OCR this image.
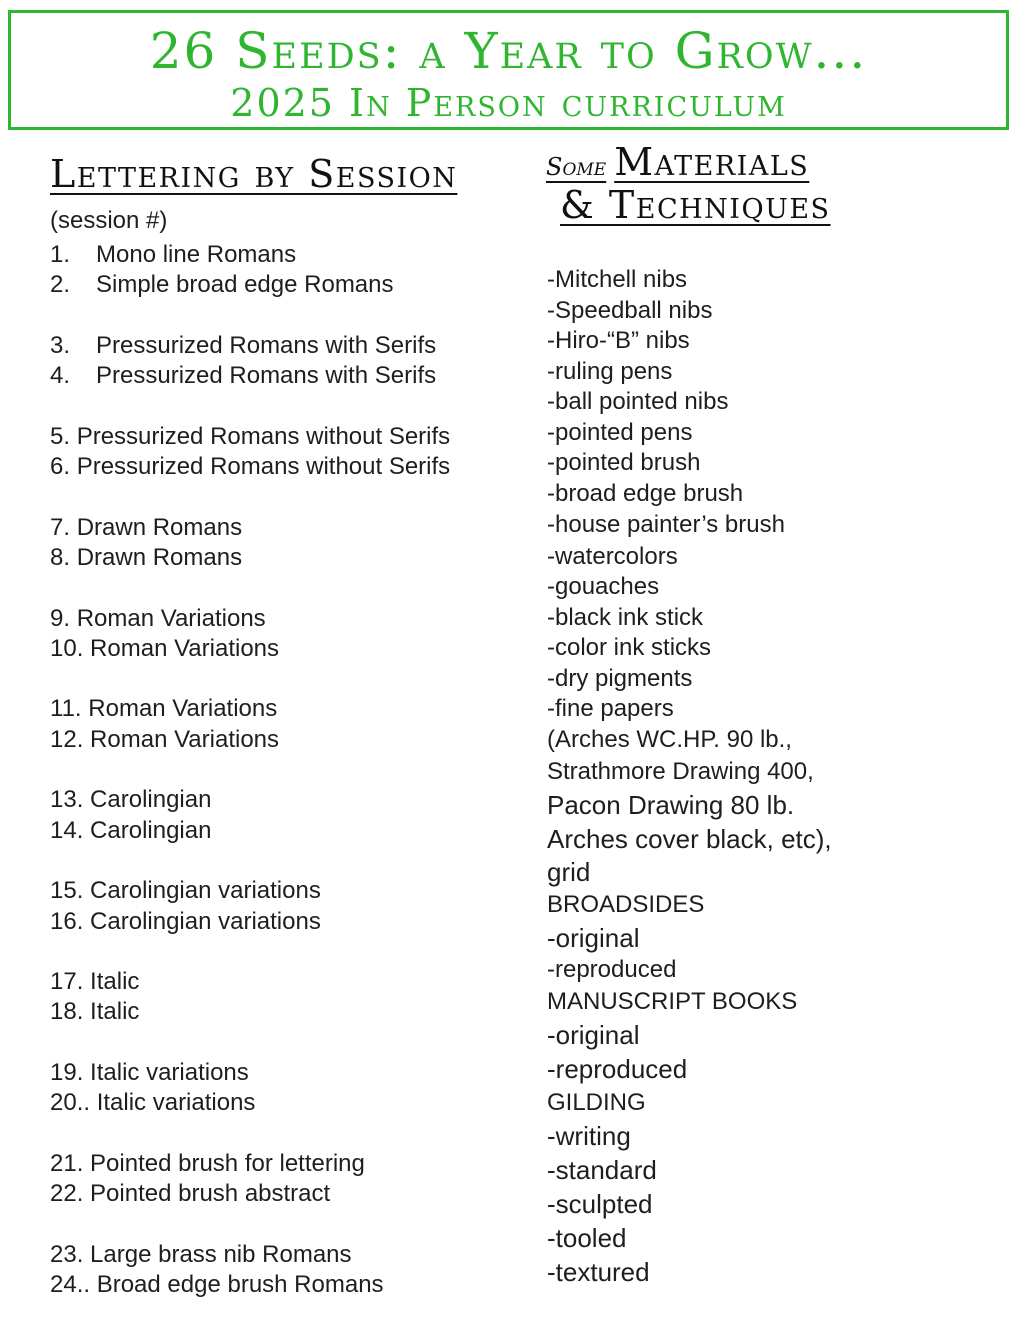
26 Seeds: a Year to Grow...
2025 In Person curriculum
Lettering by Session
(session #)
1. Mono line Romans
2. Simple broad edge Romans
3. Pressurized Romans with Serifs
4. Pressurized Romans with Serifs
5. Pressurized Romans without Serifs
6. Pressurized Romans without Serifs
7. Drawn Romans
8. Drawn Romans
9. Roman Variations
10. Roman Variations
11. Roman Variations
12. Roman Variations
13. Carolingian
14. Carolingian
15. Carolingian variations
16. Carolingian variations
17. Italic
18. Italic
19. Italic variations
20.. Italic variations
21. Pointed brush for lettering
22. Pointed brush abstract
23. Large brass nib Romans
24.. Broad edge brush Romans
Some Materials
& Techniques
-Mitchell nibs
-Speedball nibs
-Hiro-“B” nibs
-ruling pens
-ball pointed nibs
-pointed pens
-pointed brush
-broad edge brush
-house painter’s brush
-watercolors
-gouaches
-black ink stick
-color ink sticks
-dry pigments
-fine papers
(Arches WC.HP. 90 lb.,
Strathmore Drawing 400,
Pacon Drawing 80 lb.
Arches cover black, etc),
grid
BROADSIDES
-original
-reproduced
MANUSCRIPT BOOKS
-original
-reproduced
GILDING
-writing
-standard
-sculpted
-tooled
-textured
